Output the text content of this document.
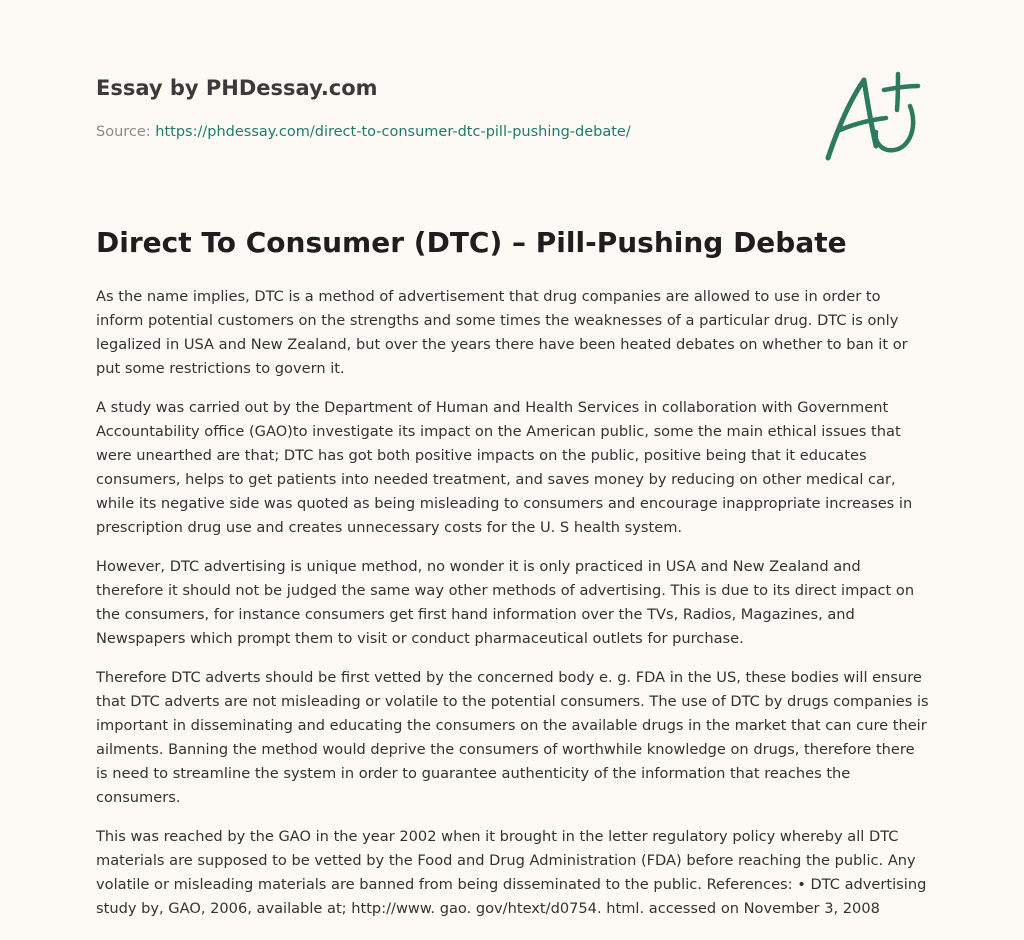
Essay by PHDessay.com
Source: https://phdessay.com/direct-to-consumer-dtc-pill-pushing-debate/
Direct To Consumer (DTC) – Pill-Pushing Debate

As the name implies, DTC is a method of advertisement that drug companies are allowed to use in order to inform potential customers on the strengths and some times the weaknesses of a particular drug. DTC is only legalized in USA and New Zealand, but over the years there have been heated debates on whether to ban it or put some restrictions to govern it.

A study was carried out by the Department of Human and Health Services in collaboration with Government Accountability office (GAO)to investigate its impact on the American public, some the main ethical issues that were unearthed are that; DTC has got both positive impacts on the public, positive being that it educates consumers, helps to get patients into needed treatment, and saves money by reducing on other medical car, while its negative side was quoted as being misleading to consumers and encourage inappropriate increases in prescription drug use and creates unnecessary costs for the U. S health system.

However, DTC advertising is unique method, no wonder it is only practiced in USA and New Zealand and therefore it should not be judged the same way other methods of advertising. This is due to its direct impact on the consumers, for instance consumers get first hand information over the TVs, Radios, Magazines, and Newspapers which prompt them to visit or conduct pharmaceutical outlets for purchase.

Therefore DTC adverts should be first vetted by the concerned body e. g. FDA in the US, these bodies will ensure that DTC adverts are not misleading or volatile to the potential consumers. The use of DTC by drugs companies is important in disseminating and educating the consumers on the available drugs in the market that can cure their ailments. Banning the method would deprive the consumers of worthwhile knowledge on drugs, therefore there is need to streamline the system in order to guarantee authenticity of the information that reaches the consumers.

This was reached by the GAO in the year 2002 when it brought in the letter regulatory policy whereby all DTC materials are supposed to be vetted by the Food and Drug Administration (FDA) before reaching the public. Any volatile or misleading materials are banned from being disseminated to the public. References: • DTC advertising study by, GAO, 2006, available at; http://www. gao. gov/htext/d0754. html. accessed on November 3, 2008
